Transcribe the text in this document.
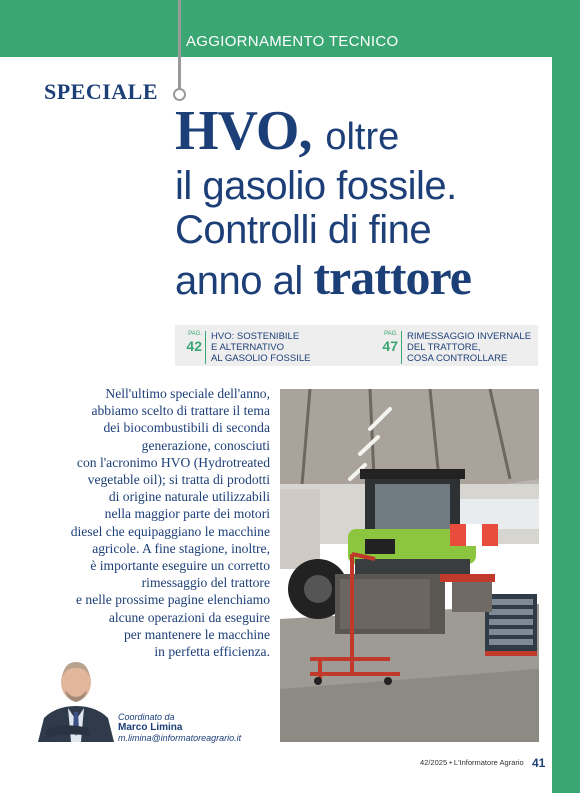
AGGIORNAMENTO TECNICO
SPECIALE
HVO, oltre
il gasolio fossile.
Controlli di fine
anno al trattore
PAG.
42
HVO: SOSTENIBILE
E ALTERNATIVO
AL GASOLIO FOSSILE
PAG.
47
RIMESSAGGIO INVERNALE
DEL TRATTORE,
COSA CONTROLLARE
Nell'ultimo speciale dell'anno,
abbiamo scelto di trattare il tema
dei biocombustibili di seconda
generazione, conosciuti
con l'acronimo HVO (Hydrotreated
vegetable oil); si tratta di prodotti
di origine naturale utilizzabili
nella maggior parte dei motori
diesel che equipaggiano le macchine
agricole. A fine stagione, inoltre,
è importante eseguire un corretto
rimessaggio del trattore
e nelle prossime pagine elenchiamo
alcune operazioni da eseguire
per mantenere le macchine
in perfetta efficienza.
Coordinato da
Marco Limina
m.limina@informatoreagrario.it
42/2025 • L'Informatore Agrario 41
